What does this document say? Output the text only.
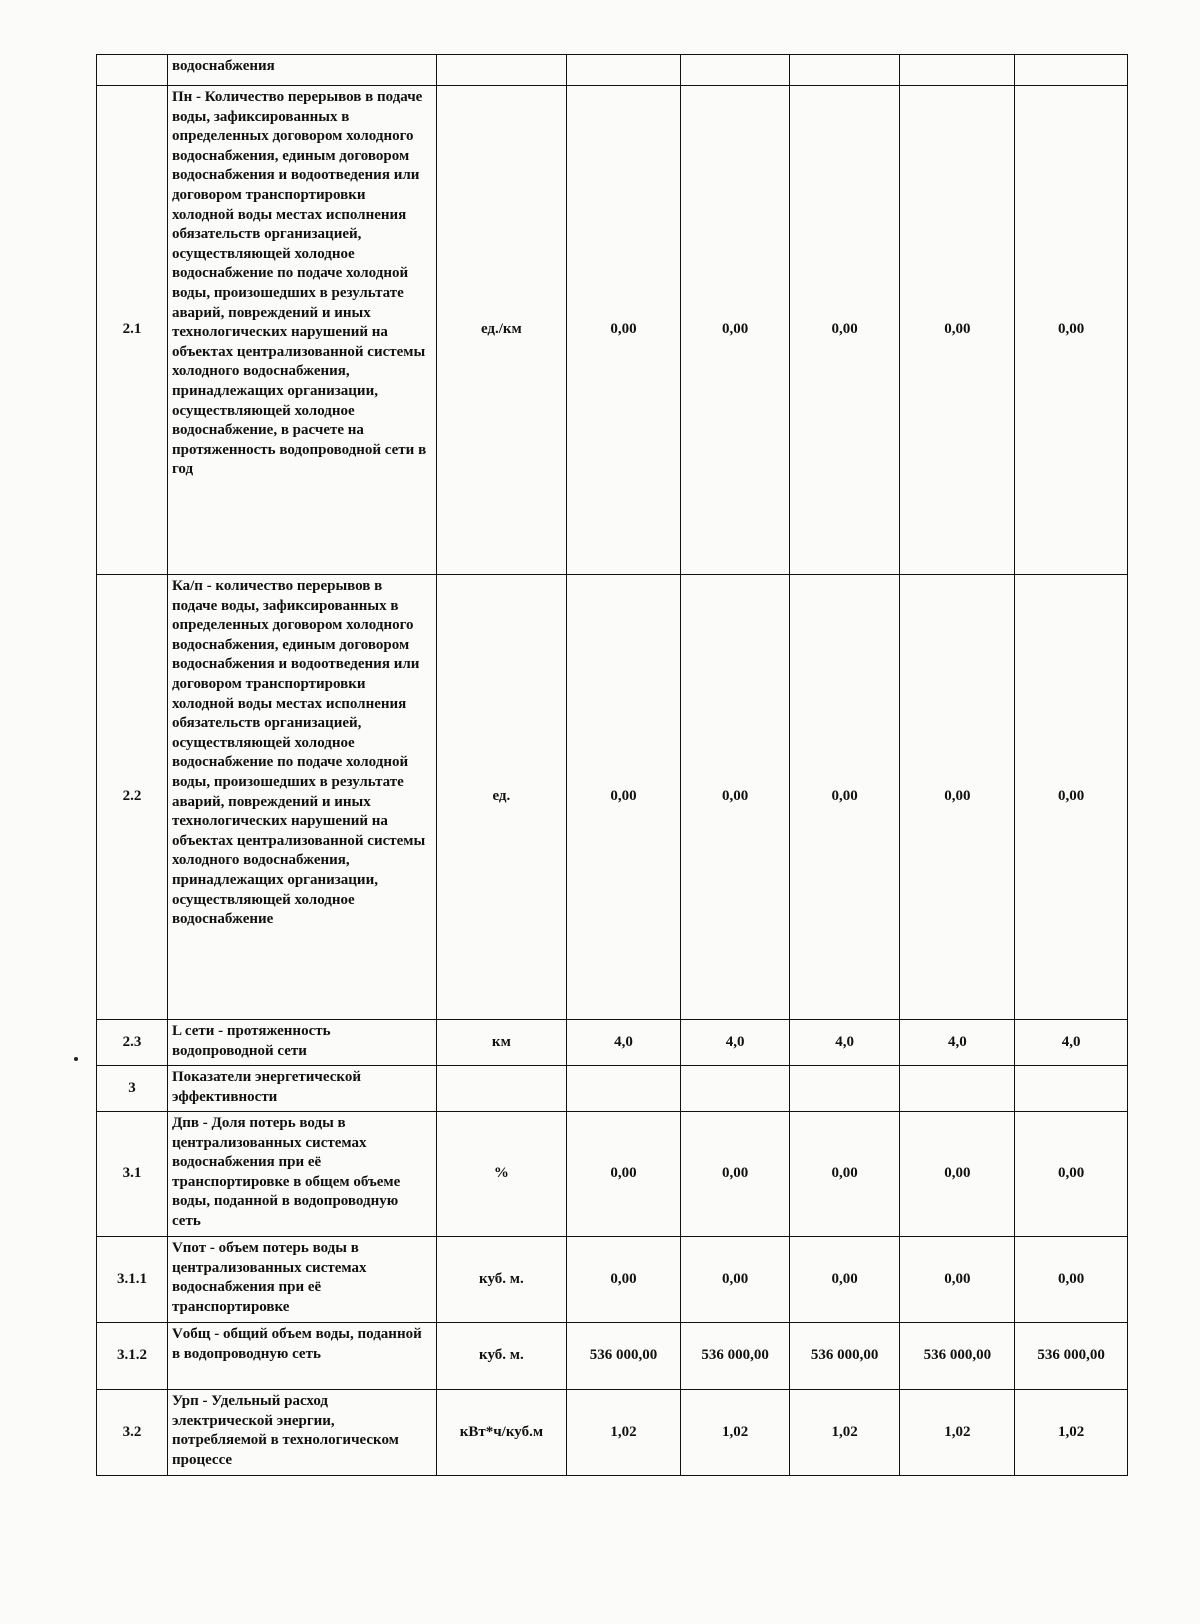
	водоснабжения						
2.1	Пн - Количество перерывов в подаче воды, зафиксированных в определенных договором холодного водоснабжения, единым договором водоснабжения и водоотведения или договором транспортировки холодной воды местах исполнения обязательств организацией, осуществляющей холодное водоснабжение по подаче холодной воды, произошедших в результате аварий, повреждений и иных технологических нарушений на объектах централизованной системы холодного водоснабжения, принадлежащих организации, осуществляющей холодное водоснабжение, в расчете на протяженность водопроводной сети в год	ед./км	0,00	0,00	0,00	0,00	0,00
2.2	Ка/п - количество перерывов в подаче воды, зафиксированных в определенных договором холодного водоснабжения, единым договором водоснабжения и водоотведения или договором транспортировки холодной воды местах исполнения обязательств организацией, осуществляющей холодное водоснабжение по подаче холодной воды, произошедших в результате аварий, повреждений и иных технологических нарушений на объектах централизованной системы холодного водоснабжения, принадлежащих организации, осуществляющей холодное водоснабжение	ед.	0,00	0,00	0,00	0,00	0,00
2.3	L сети - протяженность водопроводной сети	км	4,0	4,0	4,0	4,0	4,0
3	Показатели энергетической эффективности						
3.1	Дпв - Доля потерь воды в централизованных системах водоснабжения при её транспортировке в общем объеме воды, поданной в водопроводную сеть	%	0,00	0,00	0,00	0,00	0,00
3.1.1	Vпот - объем потерь воды в централизованных системах водоснабжения при её транспортировке	куб. м.	0,00	0,00	0,00	0,00	0,00
3.1.2	Vобщ - общий объем воды, поданной в водопроводную сеть	куб. м.	536 000,00	536 000,00	536 000,00	536 000,00	536 000,00
3.2	Урп - Удельный расход электрической энергии, потребляемой в технологическом процессе	кВт*ч/куб.м	1,02	1,02	1,02	1,02	1,02
